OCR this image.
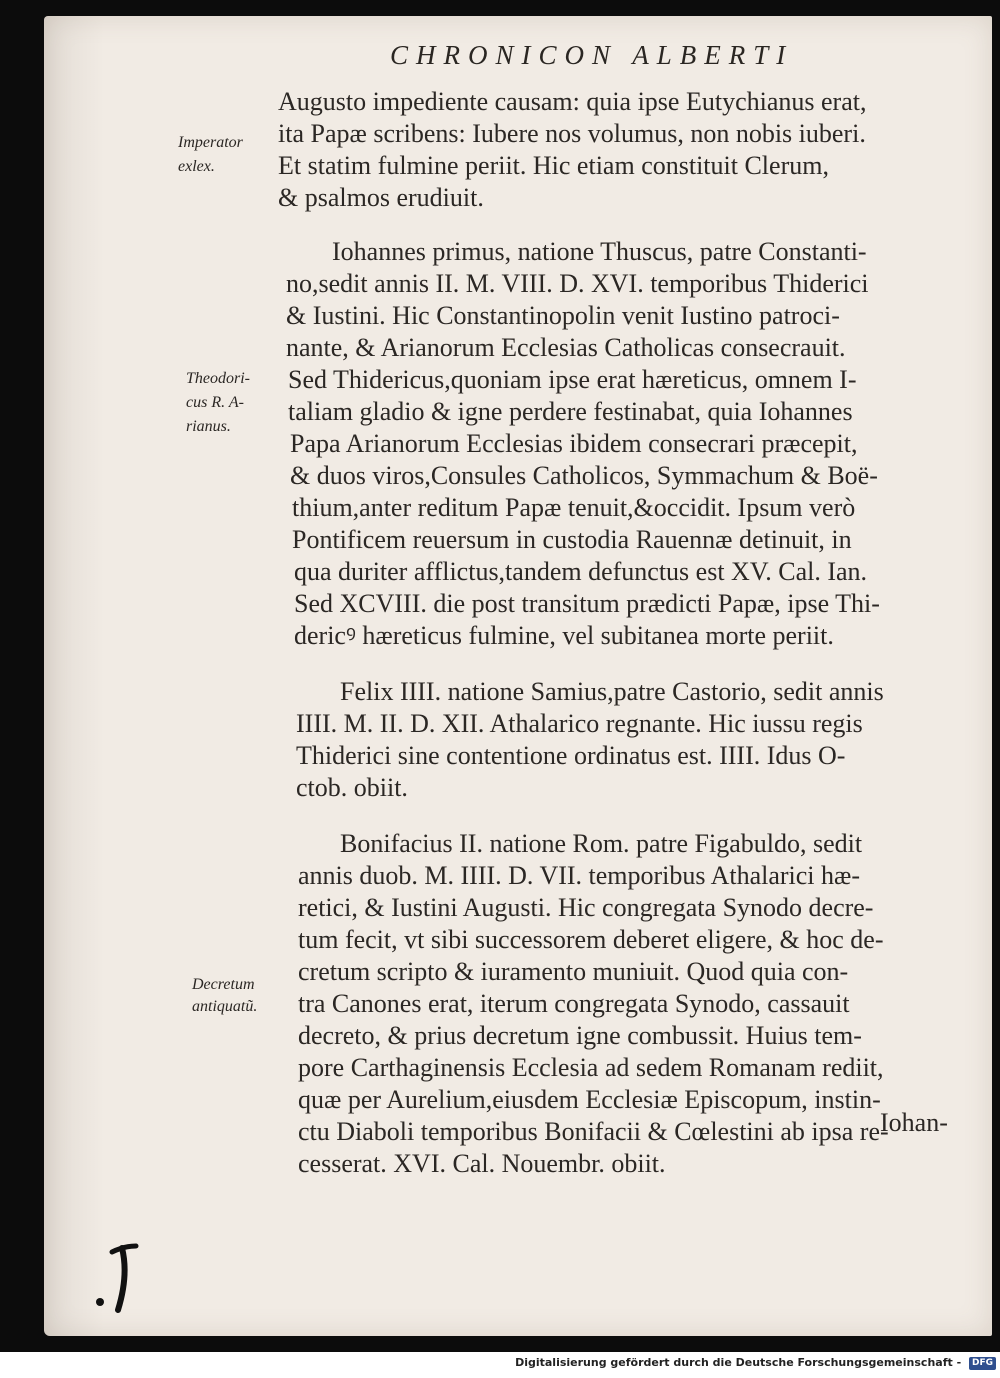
CHRONICON ALBERTI
Imperator
exlex.
Theodori-
cus R. A-
rianus.
Decretum
antiquatũ.
Augusto impediente causam: quia ipse Eutychianus erat,
ita Papæ scribens: Iubere nos volumus, non nobis iuberi.
Et statim fulmine periit. Hic etiam constituit Clerum,
& psalmos erudiuit.
Iohannes primus, natione Thuscus, patre Constanti-
no,sedit annis II. M. VIII. D. XVI. temporibus Thiderici
& Iustini. Hic Constantinopolin venit Iustino patroci-
nante, & Arianorum Ecclesias Catholicas consecrauit.
Sed Thidericus,quoniam ipse erat hæreticus, omnem I-
taliam gladio & igne perdere festinabat, quia Iohannes
Papa Arianorum Ecclesias ibidem consecrari præcepit,
& duos viros,Consules Catholicos, Symmachum & Boë-
thium,anter reditum Papæ tenuit,&occidit. Ipsum verò
Pontificem reuersum in custodia Rauennæ detinuit, in
qua duriter afflictus,tandem defunctus est XV. Cal. Ian.
Sed XCVIII. die post transitum prædicti Papæ, ipse Thi-
dericꝰ hæreticus fulmine, vel subitanea morte periit.
Felix IIII. natione Samius,patre Castorio, sedit annis
IIII. M. II. D. XII. Athalarico regnante. Hic iussu regis
Thiderici sine contentione ordinatus est. IIII. Idus O-
ctob. obiit.
Bonifacius II. natione Rom. patre Figabuldo, sedit
annis duob. M. IIII. D. VII. temporibus Athalarici hæ-
retici, & Iustini Augusti. Hic congregata Synodo decre-
tum fecit, vt sibi successorem deberet eligere, & hoc de-
cretum scripto & iuramento muniuit. Quod quia con-
tra Canones erat, iterum congregata Synodo, cassauit
decreto, & prius decretum igne combussit. Huius tem-
pore Carthaginensis Ecclesia ad sedem Romanam rediit,
quæ per Aurelium,eiusdem Ecclesiæ Episcopum, instin-
ctu Diaboli temporibus Bonifacii & Cœlestini ab ipsa re-
cesserat. XVI. Cal. Nouembr. obiit.
Iohan-
Digitalisierung gefördert durch die Deutsche Forschungsgemeinschaft - DFG
